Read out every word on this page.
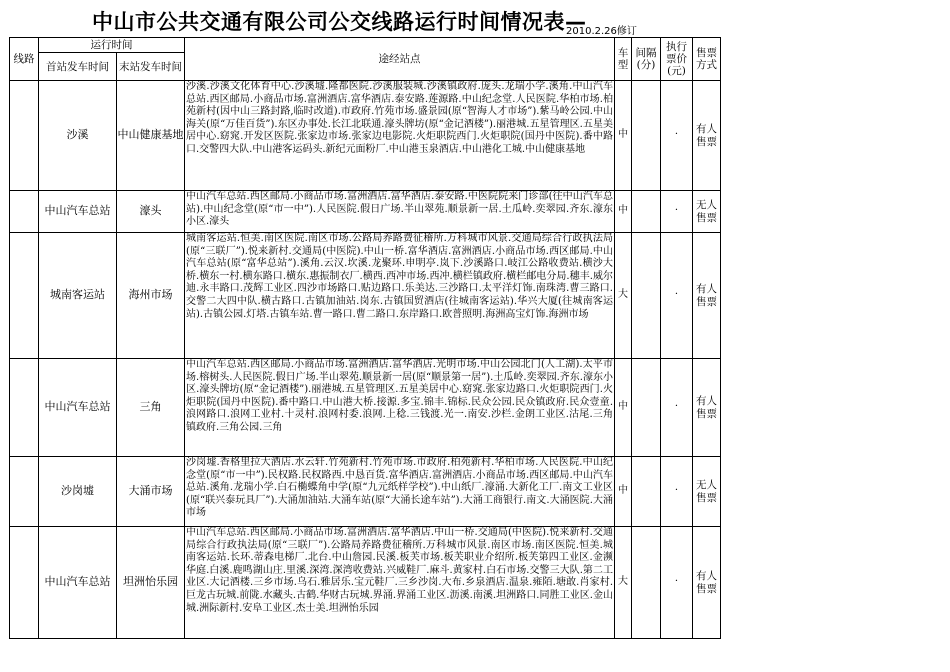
中山市公共交通有限公司公交线路运行时间情况表—
2010.2.26修订
线路	运行时间		途经站点	车型	间隔(分)	执行票价(元)	售票方式
	首站发车时间	末站发车时间					
	沙溪	中山健康基地	沙溪.沙溪文化体育中心.沙溪墟.隆都医院.沙溪服装城.沙溪镇政府.庞头.龙瑞小学.溪角.中山汽车总站.西区邮局.小商品市场.富洲酒店.富华酒店.泰安路.莲源路.中山纪念堂.人民医院.华柏市场.柏苑新村(因中山三路封路,临时改道).市政府.竹苑市场.盛景园(原“智海人才市场”).紫马岭公园.中山海关(原“万佳百货”).东区办事处.长江北联通.濠头牌坊(原“金记酒楼”).丽港城.五星管理区.五星美居中心.窈窕.开发区医院.张家边市场.张家边电影院.火炬职院西门.火炬职院(国丹中医院).番中路口.交警四大队.中山港客运码头.新纪元面粉厂.中山港玉泉酒店.中山港化工城.中山健康基地	中		·	有人售票
	中山汽车总站	濠头	中山汽车总站.西区邮局.小商品市场.富洲酒店.富华酒店.泰安路.中医院院来门诊部(往中山汽车总站).中山纪念堂(原“市一中”).人民医院.假日广场.半山翠苑.顺景新一居.土瓜岭.奕翠园.齐东.濠东小区.濠头	中		·	无人售票
	城南客运站	海州市场	城南客运站.恒美.南区医院.南区市场.公路局养路费征稽所.万科城市风景.交通局综合行政执法局(原“三联厂”).悦来新村.交通局(中医院).中山一桥.富华酒店.富洲酒店.小商品市场.西区邮局.中山汽车总站(原“富华总站”).溪角.云汉.坎溪.龙聚环.申明亭.岚下.沙溪路口.岐江公路收费站.横沙大桥.横东一村.横东路口.横东.惠振制衣厂.横西.西冲市场.西冲.横栏镇政府.横栏邮电分局.穗丰.威尔迪.永丰路口.茂辉工业区.四沙市场路口.贴边路口.乐美达.三沙路口.太平洋灯饰.南珠湾.曹三路口.交警二大四中队.横古路口.古镇加油站.岗东.古镇国贸酒店(往城南客运站).华兴大厦(往城南客运站).古镇公园.灯塔.古镇车站.曹一路口.曹二路口.东岸路口.欧普照明.海洲高宝灯饰.海洲市场	大		·	有人售票
	中山汽车总站	三角	中山汽车总站.西区邮局.小商品市场.富洲酒店.富华酒店.光明市场.中山公园北门(人工湖).太平市场.榕树头.人民医院.假日广场.半山翠苑.顺景新一居(原“顺景第一居”).土瓜岭.奕翠园.齐东.濠东小区.濠头牌坊(原“金记酒楼”).丽港城.五星管理区.五星美居中心.窈窕.张家边路口.火炬职院西门.火炬职院(国丹中医院).番中路口.中山港大桥.接源.多宝.锦丰.锦标.民众公园.民众镇政府.民众壹童.浪网路口.浪网工业村.十灵村.浪网村委.浪网.上稔.三钱渡.光一.南安.沙栏.金朗工业区.沽尾.三角镇政府.三角公园.三角	中		·	有人售票
	沙岗墟	大涌市场	沙岗墟.香格里拉大酒店.水云轩.竹苑新村.竹苑市场.市政府.柏苑新村.华柏市场.人民医院.中山纪念堂(原“市一中”).民权路.民权路西.中恳百货.富华酒店.富洲酒店.小商品市场.西区邮局.中山汽车总站.溪角.龙瑞小学.白石椭蝶角中学(原“九元纸样学校”).中山纸厂.濠涌.大新化工厂.南文工业区(原“联兴泰玩具厂”).大涌加油站.大涌车站(原“大涌长途车站”).大涌工商银行.南文.大涌医院.大涌市场	中		·	无人售票
	中山汽车总站	坦洲怡乐园	中山汽车总站.西区邮局.小商品市场.富洲酒店.富华酒店.中山一桥.交通局(中医院).悦来新村.交通局综合行政执法局(原“三联厂”).公路局养路费征稽所.万科城市风景.南区市场.南区医院.恒美.城南客运站.长环.蒂森电梯厂.北台.中山詹园.民溪.板芙市场.板芙职业介绍所.板芙第四工业区.金濒华庭.白溪.鹿鸣湖山庄.里溪.深湾.深湾收费站.兴威鞋厂.麻斗.黄家村.白石市场.交警三大队.第二工业区.大记酒楼.三乡市场.乌石.雅居乐.宝元鞋厂.三乡沙岗.大布.乡泉酒店.温泉.雍陌.塘敢.肖家村.巨龙古玩城.前陇.水藏头.古鹤.华财古玩城.界涌.界涌工业区.沥溪.南溪.坦洲路口.同胜工业区.金山城.洲际新村.安阜工业区.杰士美.坦洲怡乐园	大		·	有人售票
